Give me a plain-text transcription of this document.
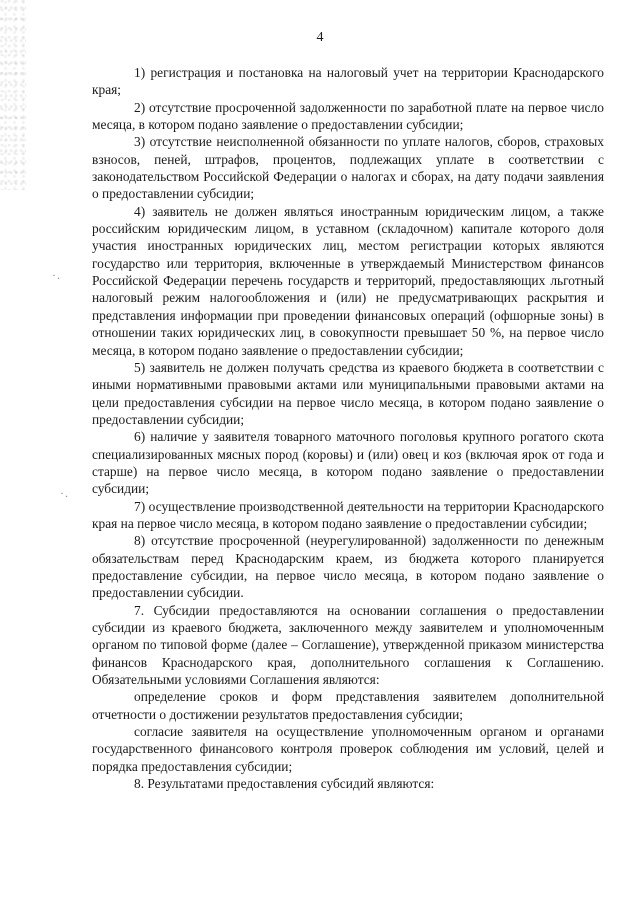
·.
·.
4

1) регистрация и постановка на налоговый учет на территории Краснодарского края;

2) отсутствие просроченной задолженности по заработной плате на первое число месяца, в котором подано заявление о предоставлении субсидии;

3) отсутствие неисполненной обязанности по уплате налогов, сборов, страховых взносов, пеней, штрафов, процентов, подлежащих уплате в соответствии с законодательством Российской Федерации о налогах и сборах, на дату подачи заявления о предоставлении субсидии;

4) заявитель не должен являться иностранным юридическим лицом, а также российским юридическим лицом, в уставном (складочном) капитале которого доля участия иностранных юридических лиц, местом регистрации которых являются государство или территория, включенные в утверждаемый Министерством финансов Российской Федерации перечень государств и территорий, предоставляющих льготный налоговый режим налогообложения и (или) не предусматривающих раскрытия и представления информации при проведении финансовых операций (офшорные зоны) в отношении таких юридических лиц, в совокупности превышает 50 %, на первое число месяца, в котором подано заявление о предоставлении субсидии;

5) заявитель не должен получать средства из краевого бюджета в соответствии с иными нормативными правовыми актами или муниципальными правовыми актами на цели предоставления субсидии на первое число месяца, в котором подано заявление о предоставлении субсидии;

6) наличие у заявителя товарного маточного поголовья крупного рогатого скота специализированных мясных пород (коровы) и (или) овец и коз (включая ярок от года и старше) на первое число месяца, в котором подано заявление о предоставлении субсидии;

7) осуществление производственной деятельности на территории Краснодарского края на первое число месяца, в котором подано заявление о предоставлении субсидии;

8) отсутствие просроченной (неурегулированной) задолженности по денежным обязательствам перед Краснодарским краем, из бюджета которого планируется предоставление субсидии, на первое число месяца, в котором подано заявление о предоставлении субсидии.

7. Субсидии предоставляются на основании соглашения о предоставлении субсидии из краевого бюджета, заключенного между заявителем и уполномоченным органом по типовой форме (далее – Соглашение), утвержденной приказом министерства финансов Краснодарского края, дополнительного соглашения к Соглашению. Обязательными условиями Соглашения являются:

определение сроков и форм представления заявителем дополнительной отчетности о достижении результатов предоставления субсидии;

согласие заявителя на осуществление уполномоченным органом и органами государственного финансового контроля проверок соблюдения им условий, целей и порядка предоставления субсидии;

8. Результатами предоставления субсидий являются:
